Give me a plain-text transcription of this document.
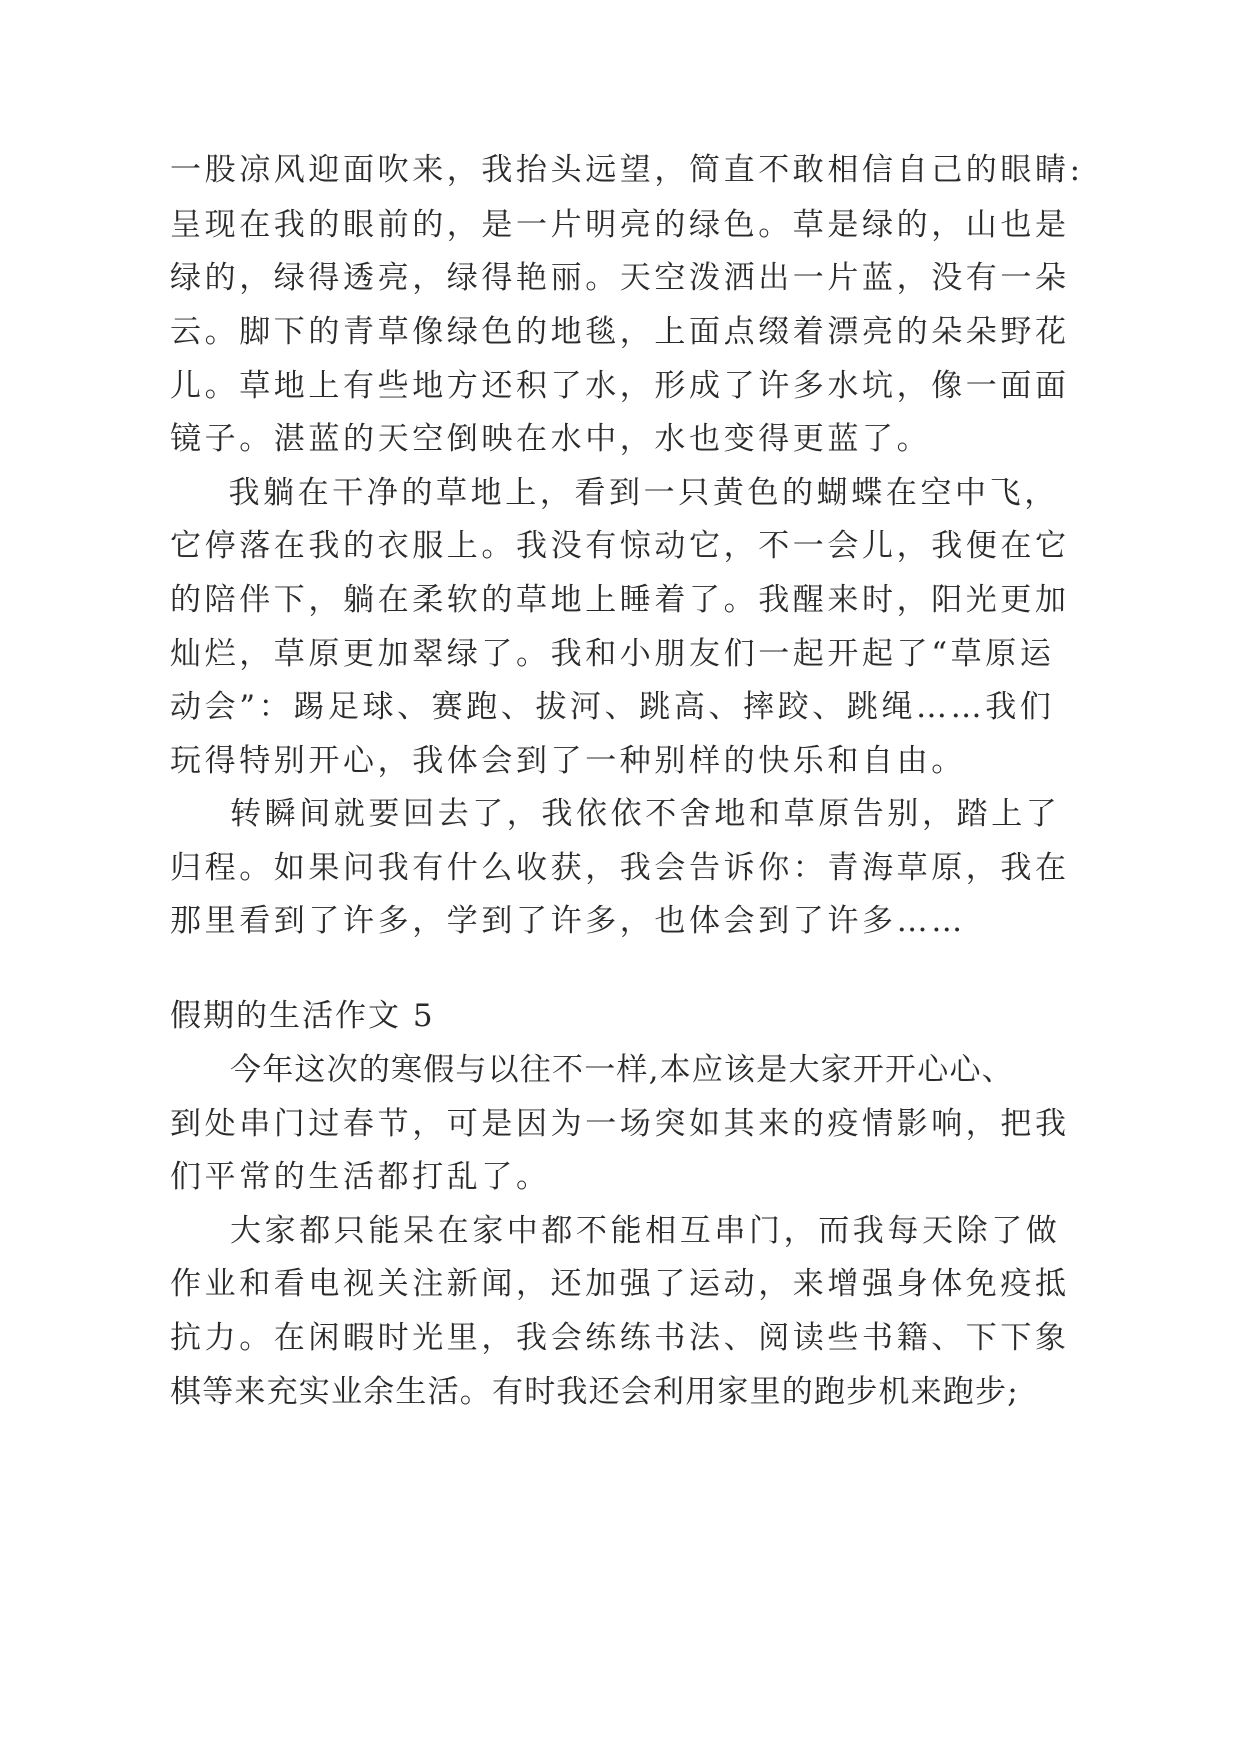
一股凉风迎面吹来，我抬头远望，简直不敢相信自己的眼睛:
呈现在我的眼前的，是一片明亮的绿色。草是绿的，山也是
绿的，绿得透亮，绿得艳丽。天空泼洒出一片蓝，没有一朵
云。脚下的青草像绿色的地毯，上面点缀着漂亮的朵朵野花
儿。草地上有些地方还积了水，形成了许多水坑，像一面面
镜子。湛蓝的天空倒映在水中，水也变得更蓝了。
我躺在干净的草地上，看到一只黄色的蝴蝶在空中飞，
它停落在我的衣服上。我没有惊动它，不一会儿，我便在它
的陪伴下，躺在柔软的草地上睡着了。我醒来时，阳光更加
灿烂，草原更加翠绿了。我和小朋友们一起开起了“草原运
动会”：踢足球、赛跑、拔河、跳高、摔跤、跳绳……我们
玩得特别开心，我体会到了一种别样的快乐和自由。
转瞬间就要回去了，我依依不舍地和草原告别，踏上了
归程。如果问我有什么收获，我会告诉你：青海草原，我在
那里看到了许多，学到了许多，也体会到了许多……
假期的生活作文 5
今年这次的寒假与以往不一样,本应该是大家开开心心、
到处串门过春节，可是因为一场突如其来的疫情影响，把我
们平常的生活都打乱了。
大家都只能呆在家中都不能相互串门，而我每天除了做
作业和看电视关注新闻，还加强了运动，来增强身体免疫抵
抗力。在闲暇时光里，我会练练书法、阅读些书籍、下下象
棋等来充实业余生活。有时我还会利用家里的跑步机来跑步;
